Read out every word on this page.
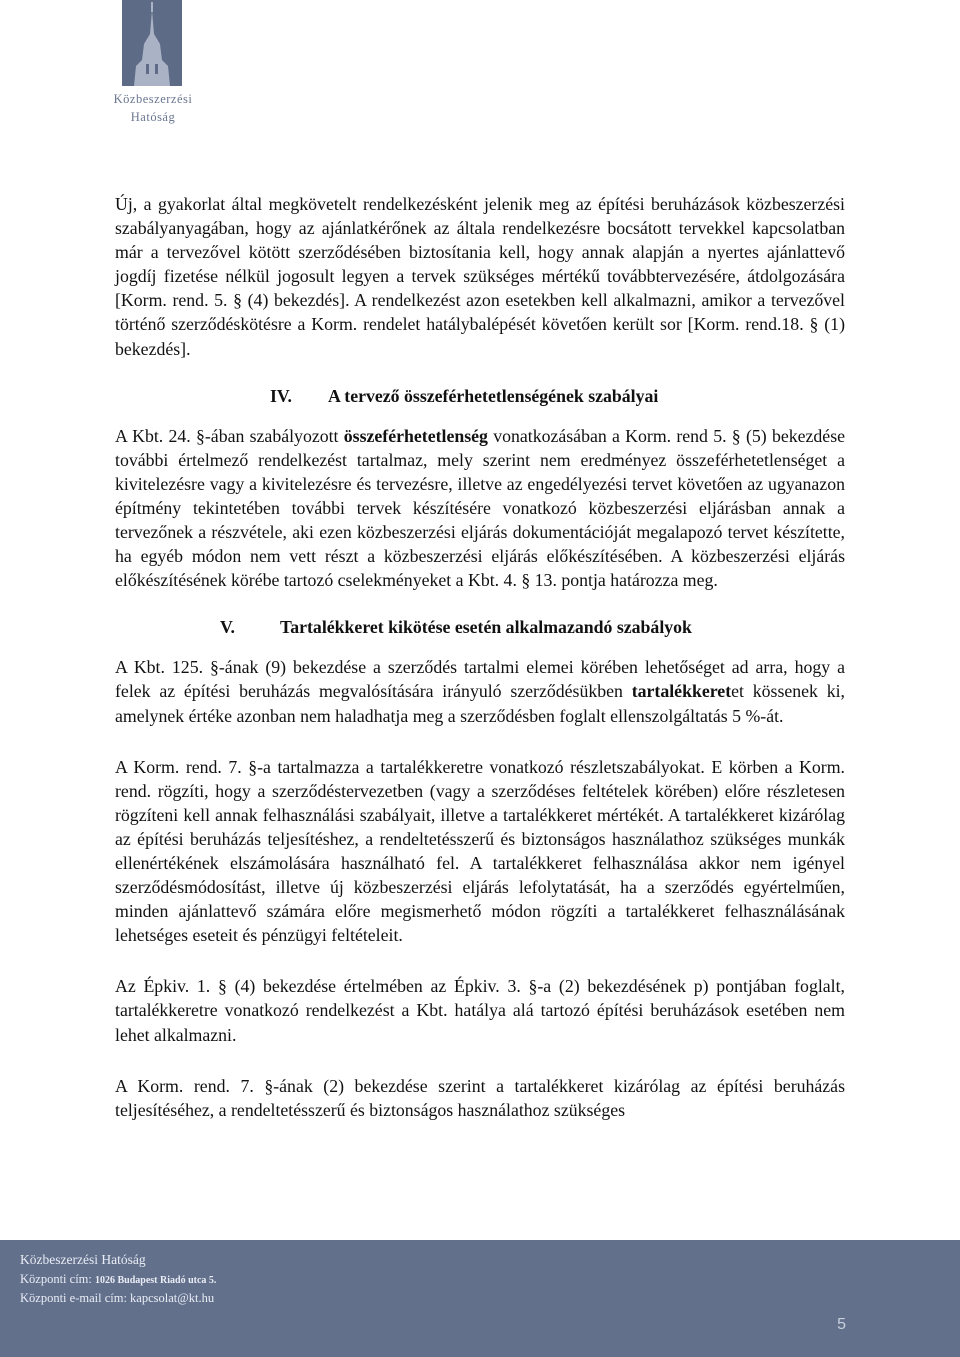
Közbeszerzési
Hatóság

Új, a gyakorlat által megkövetelt rendelkezésként jelenik meg az építési beruházások közbeszerzési szabályanyagában, hogy az ajánlatkérőnek az általa rendelkezésre bocsátott tervekkel kapcsolatban már a tervezővel kötött szerződésében biztosítania kell, hogy annak alapján a nyertes ajánlattevő jogdíj fizetése nélkül jogosult legyen a tervek szükséges mértékű továbbtervezésére, átdolgozására [Korm. rend. 5. § (4) bekezdés]. A rendelkezést azon esetekben kell alkalmazni, amikor a tervezővel történő szerződéskötésre a Korm. rendelet hatálybalépését követően került sor [Korm. rend.18. § (1) bekezdés].

IV. A tervező összeférhetetlenségének szabályai

A Kbt. 24. §-ában szabályozott összeférhetetlenség vonatkozásában a Korm. rend 5. § (5) bekezdése további értelmező rendelkezést tartalmaz, mely szerint nem eredményez összeférhetetlenséget a kivitelezésre vagy a kivitelezésre és tervezésre, illetve az engedélyezési tervet követően az ugyanazon építmény tekintetében további tervek készítésére vonatkozó közbeszerzési eljárásban annak a tervezőnek a részvétele, aki ezen közbeszerzési eljárás dokumentációját megalapozó tervet készítette, ha egyéb módon nem vett részt a közbeszerzési eljárás előkészítésében. A közbeszerzési eljárás előkészítésének körébe tartozó cselekményeket a Kbt. 4. § 13. pontja határozza meg.

V.	Tartalékkeret kikötése esetén alkalmazandó szabályok

A Kbt. 125. §-ának (9) bekezdése a szerződés tartalmi elemei körében lehetőséget ad arra, hogy a felek az építési beruházás megvalósítására irányuló szerződésükben tartalékkeretet kössenek ki, amelynek értéke azonban nem haladhatja meg a szerződésben foglalt ellenszolgáltatás 5 %-át.

A Korm. rend. 7. §-a tartalmazza a tartalékkeretre vonatkozó részletszabályokat. E körben a Korm. rend. rögzíti, hogy a szerződéstervezetben (vagy a szerződéses feltételek körében) előre részletesen rögzíteni kell annak felhasználási szabályait, illetve a tartalékkeret mértékét. A tartalékkeret kizárólag az építési beruházás teljesítéshez, a rendeltetésszerű és biztonságos használathoz szükséges munkák ellenértékének elszámolására használható fel. A tartalékkeret felhasználása akkor nem igényel szerződésmódosítást, illetve új közbeszerzési eljárás lefolytatását, ha a szerződés egyértelműen, minden ajánlattevő számára előre megismerhető módon rögzíti a tartalékkeret felhasználásának lehetséges eseteit és pénzügyi feltételeit.

Az Épkiv. 1. § (4) bekezdése értelmében az Épkiv. 3. §-a (2) bekezdésének p) pontjában foglalt, tartalékkeretre vonatkozó rendelkezést a Kbt. hatálya alá tartozó építési beruházások esetében nem lehet alkalmazni.

A Korm. rend. 7. §-ának (2) bekezdése szerint a tartalékkeret kizárólag az építési beruházás teljesítéséhez, a rendeltetésszerű és biztonságos használathoz szükséges

Közbeszerzési Hatóság
Központi cím: 1026 Budapest Riadó utca 5.
Központi e-mail cím: kapcsolat@kt.hu
5
